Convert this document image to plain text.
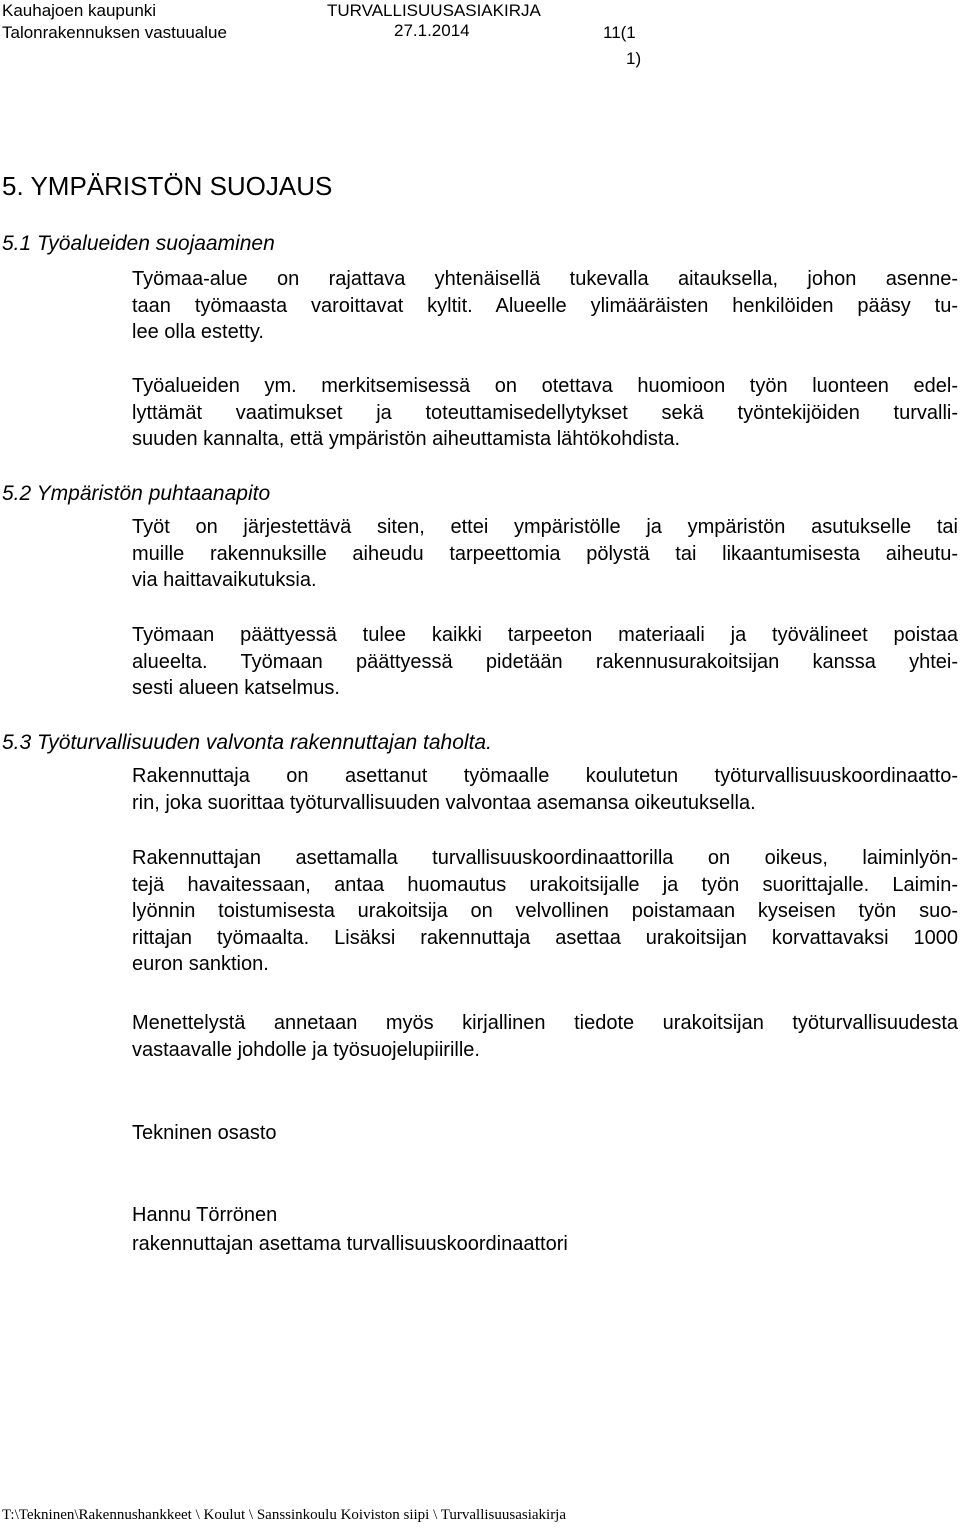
Kauhajoen kaupunki
Talonrakennuksen vastuualue
TURVALLISUUSASIAKIRJA
27.1.2014	11(1
1)
5. YMPÄRISTÖN SUOJAUS
5.1 Työalueiden suojaaminen
Työmaa-alue on rajattava yhtenäisellä tukevalla aitauksella, johon asenne-
taan työmaasta varoittavat kyltit. Alueelle ylimääräisten henkilöiden pääsy tu-
lee olla estetty.
Työalueiden ym. merkitsemisessä on otettava huomioon työn luonteen edel-
lyttämät vaatimukset ja toteuttamisedellytykset sekä työntekijöiden turvalli-
suuden kannalta, että ympäristön aiheuttamista lähtökohdista.
5.2 Ympäristön puhtaanapito
Työt on järjestettävä siten, ettei ympäristölle ja ympäristön asutukselle tai
muille rakennuksille aiheudu tarpeettomia pölystä tai likaantumisesta aiheutu-
via haittavaikutuksia.
Työmaan päättyessä tulee kaikki tarpeeton materiaali ja työvälineet poistaa
alueelta. Työmaan päättyessä pidetään rakennusurakoitsijan kanssa yhtei-
sesti alueen katselmus.
5.3 Työturvallisuuden valvonta rakennuttajan taholta.
Rakennuttaja on asettanut työmaalle koulutetun työturvallisuuskoordinaatto-
rin, joka suorittaa työturvallisuuden valvontaa asemansa oikeutuksella.
Rakennuttajan asettamalla turvallisuuskoordinaattorilla on oikeus, laiminlyön-
tejä havaitessaan, antaa huomautus urakoitsijalle ja työn suorittajalle. Laimin-
lyönnin toistumisesta urakoitsija on velvollinen poistamaan kyseisen työn suo-
rittajan työmaalta. Lisäksi rakennuttaja asettaa urakoitsijan korvattavaksi 1000
euron sanktion.
Menettelystä annetaan myös kirjallinen tiedote urakoitsijan työturvallisuudesta
vastaavalle johdolle ja työsuojelupiirille.
Tekninen osasto
Hannu Törrönen
rakennuttajan asettama turvallisuuskoordinaattori
T:\Tekninen\Rakennushankkeet \ Koulut \ Sanssinkoulu Koiviston siipi \ Turvallisuusasiakirja
